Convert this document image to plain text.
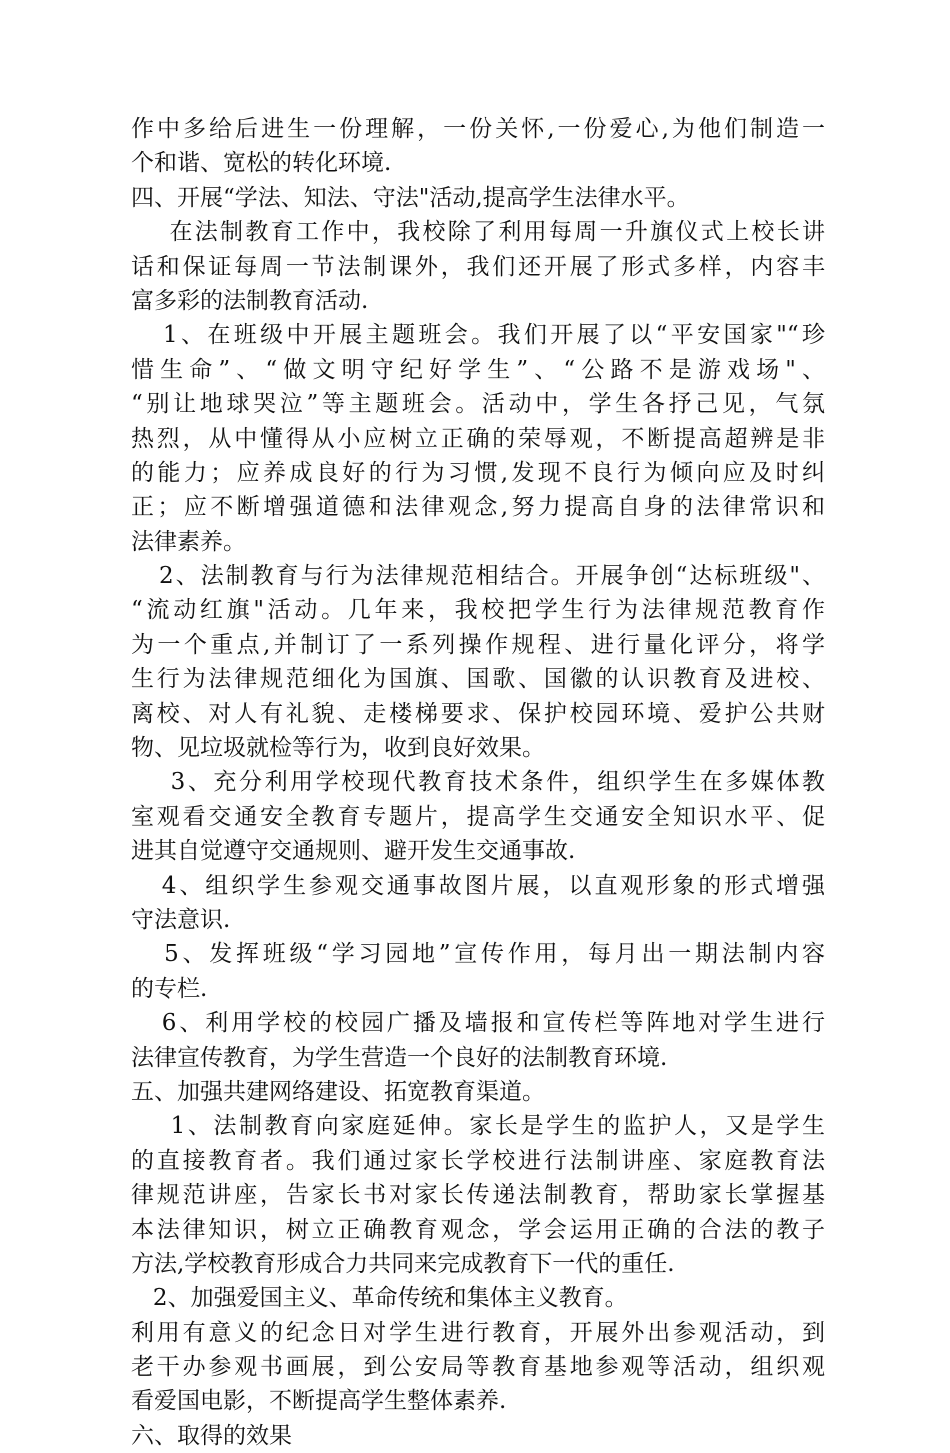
作中多给后进生一份理解，一份关怀,一份爱心,为他们制造一
个和谐、宽松的转化环境.
四、开展“学法、知法、守法"活动,提高学生法律水平。
在法制教育工作中，我校除了利用每周一升旗仪式上校长讲
话和保证每周一节法制课外，我们还开展了形式多样，内容丰
富多彩的法制教育活动.
1、在班级中开展主题班会。我们开展了以“平安国家"“珍
惜生命”、“做文明守纪好学生”、“公路不是游戏场"、
“别让地球哭泣”等主题班会。活动中，学生各抒己见，气氛
热烈，从中懂得从小应树立正确的荣辱观，不断提高超辨是非
的能力；应养成良好的行为习惯,发现不良行为倾向应及时纠
正；应不断增强道德和法律观念,努力提高自身的法律常识和
法律素养。
2、法制教育与行为法律规范相结合。开展争创“达标班级"、
“流动红旗"活动。几年来，我校把学生行为法律规范教育作
为一个重点,并制订了一系列操作规程、进行量化评分，将学
生行为法律规范细化为国旗、国歌、国徽的认识教育及进校、
离校、对人有礼貌、走楼梯要求、保护校园环境、爱护公共财
物、见垃圾就检等行为，收到良好效果。
3、充分利用学校现代教育技术条件，组织学生在多媒体教
室观看交通安全教育专题片，提高学生交通安全知识水平、促
进其自觉遵守交通规则、避开发生交通事故.
4、组织学生参观交通事故图片展，以直观形象的形式增强
守法意识.
5、发挥班级“学习园地”宣传作用，每月出一期法制内容
的专栏.
6、利用学校的校园广播及墙报和宣传栏等阵地对学生进行
法律宣传教育，为学生营造一个良好的法制教育环境.
五、加强共建网络建设、拓宽教育渠道。
1、法制教育向家庭延伸。家长是学生的监护人，又是学生
的直接教育者。我们通过家长学校进行法制讲座、家庭教育法
律规范讲座，告家长书对家长传递法制教育，帮助家长掌握基
本法律知识，树立正确教育观念，学会运用正确的合法的教子
方法,学校教育形成合力共同来完成教育下一代的重任.
2、加强爱国主义、革命传统和集体主义教育。
利用有意义的纪念日对学生进行教育，开展外出参观活动，到
老干办参观书画展，到公安局等教育基地参观等活动，组织观
看爱国电影，不断提高学生整体素养.
六、取得的效果
